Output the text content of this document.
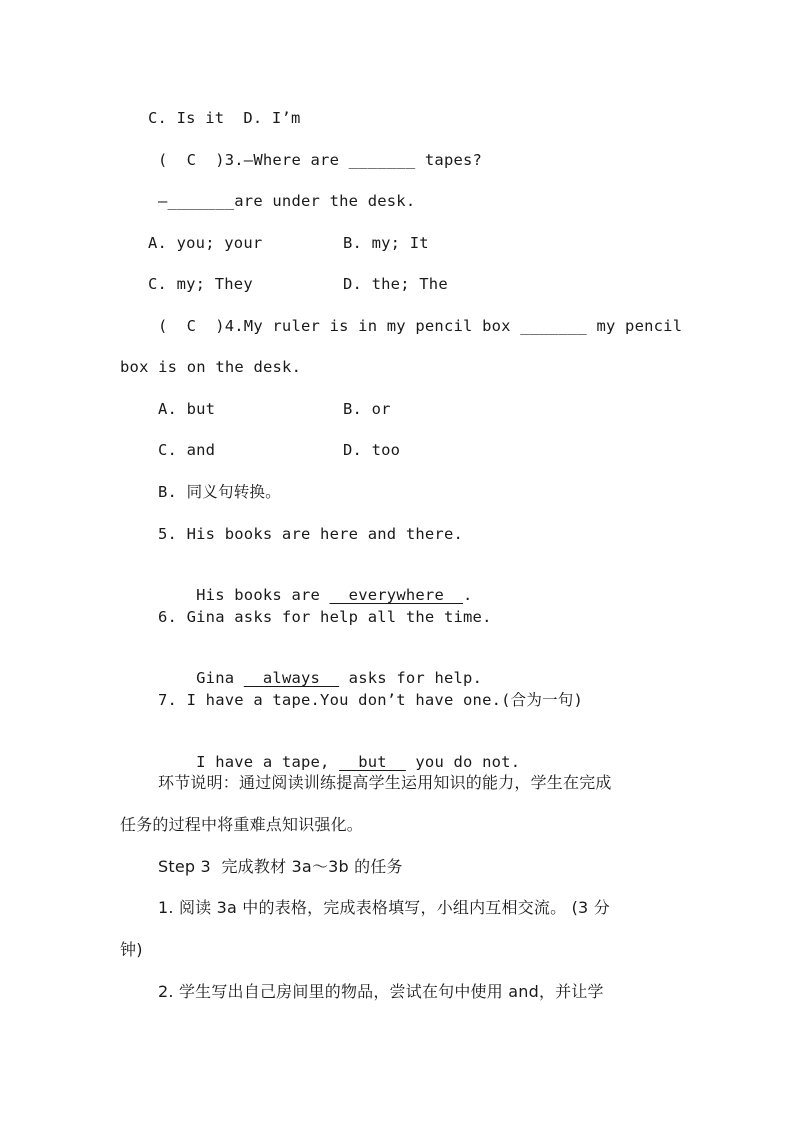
C. Is it  D. I’m
(  C  )3.—Where are _______ tapes?
—_______are under the desk.
A. you; your	B. my; It
C. my; They	D. the; The
(  C  )4.My ruler is in my pencil box _______ my pencil
box is on the desk.
A. but	B. or
C. and	D. too
B. 同义句转换。
5. His books are here and there.

His books are __everywhere__.

6. Gina asks for help all the time.

Gina __always__ asks for help.

7. I have a tape.You don’t have one.(合为一句)

I have a tape, __but__ you do not.

环节说明：通过阅读训练提高学生运用知识的能力，学生在完成
任务的过程中将重难点知识强化。
Step 3  完成教材 3a～3b 的任务
1. 阅读 3a 中的表格，完成表格填写，小组内互相交流。 (3 分
钟)
2. 学生写出自己房间里的物品，尝试在句中使用 and，并让学
